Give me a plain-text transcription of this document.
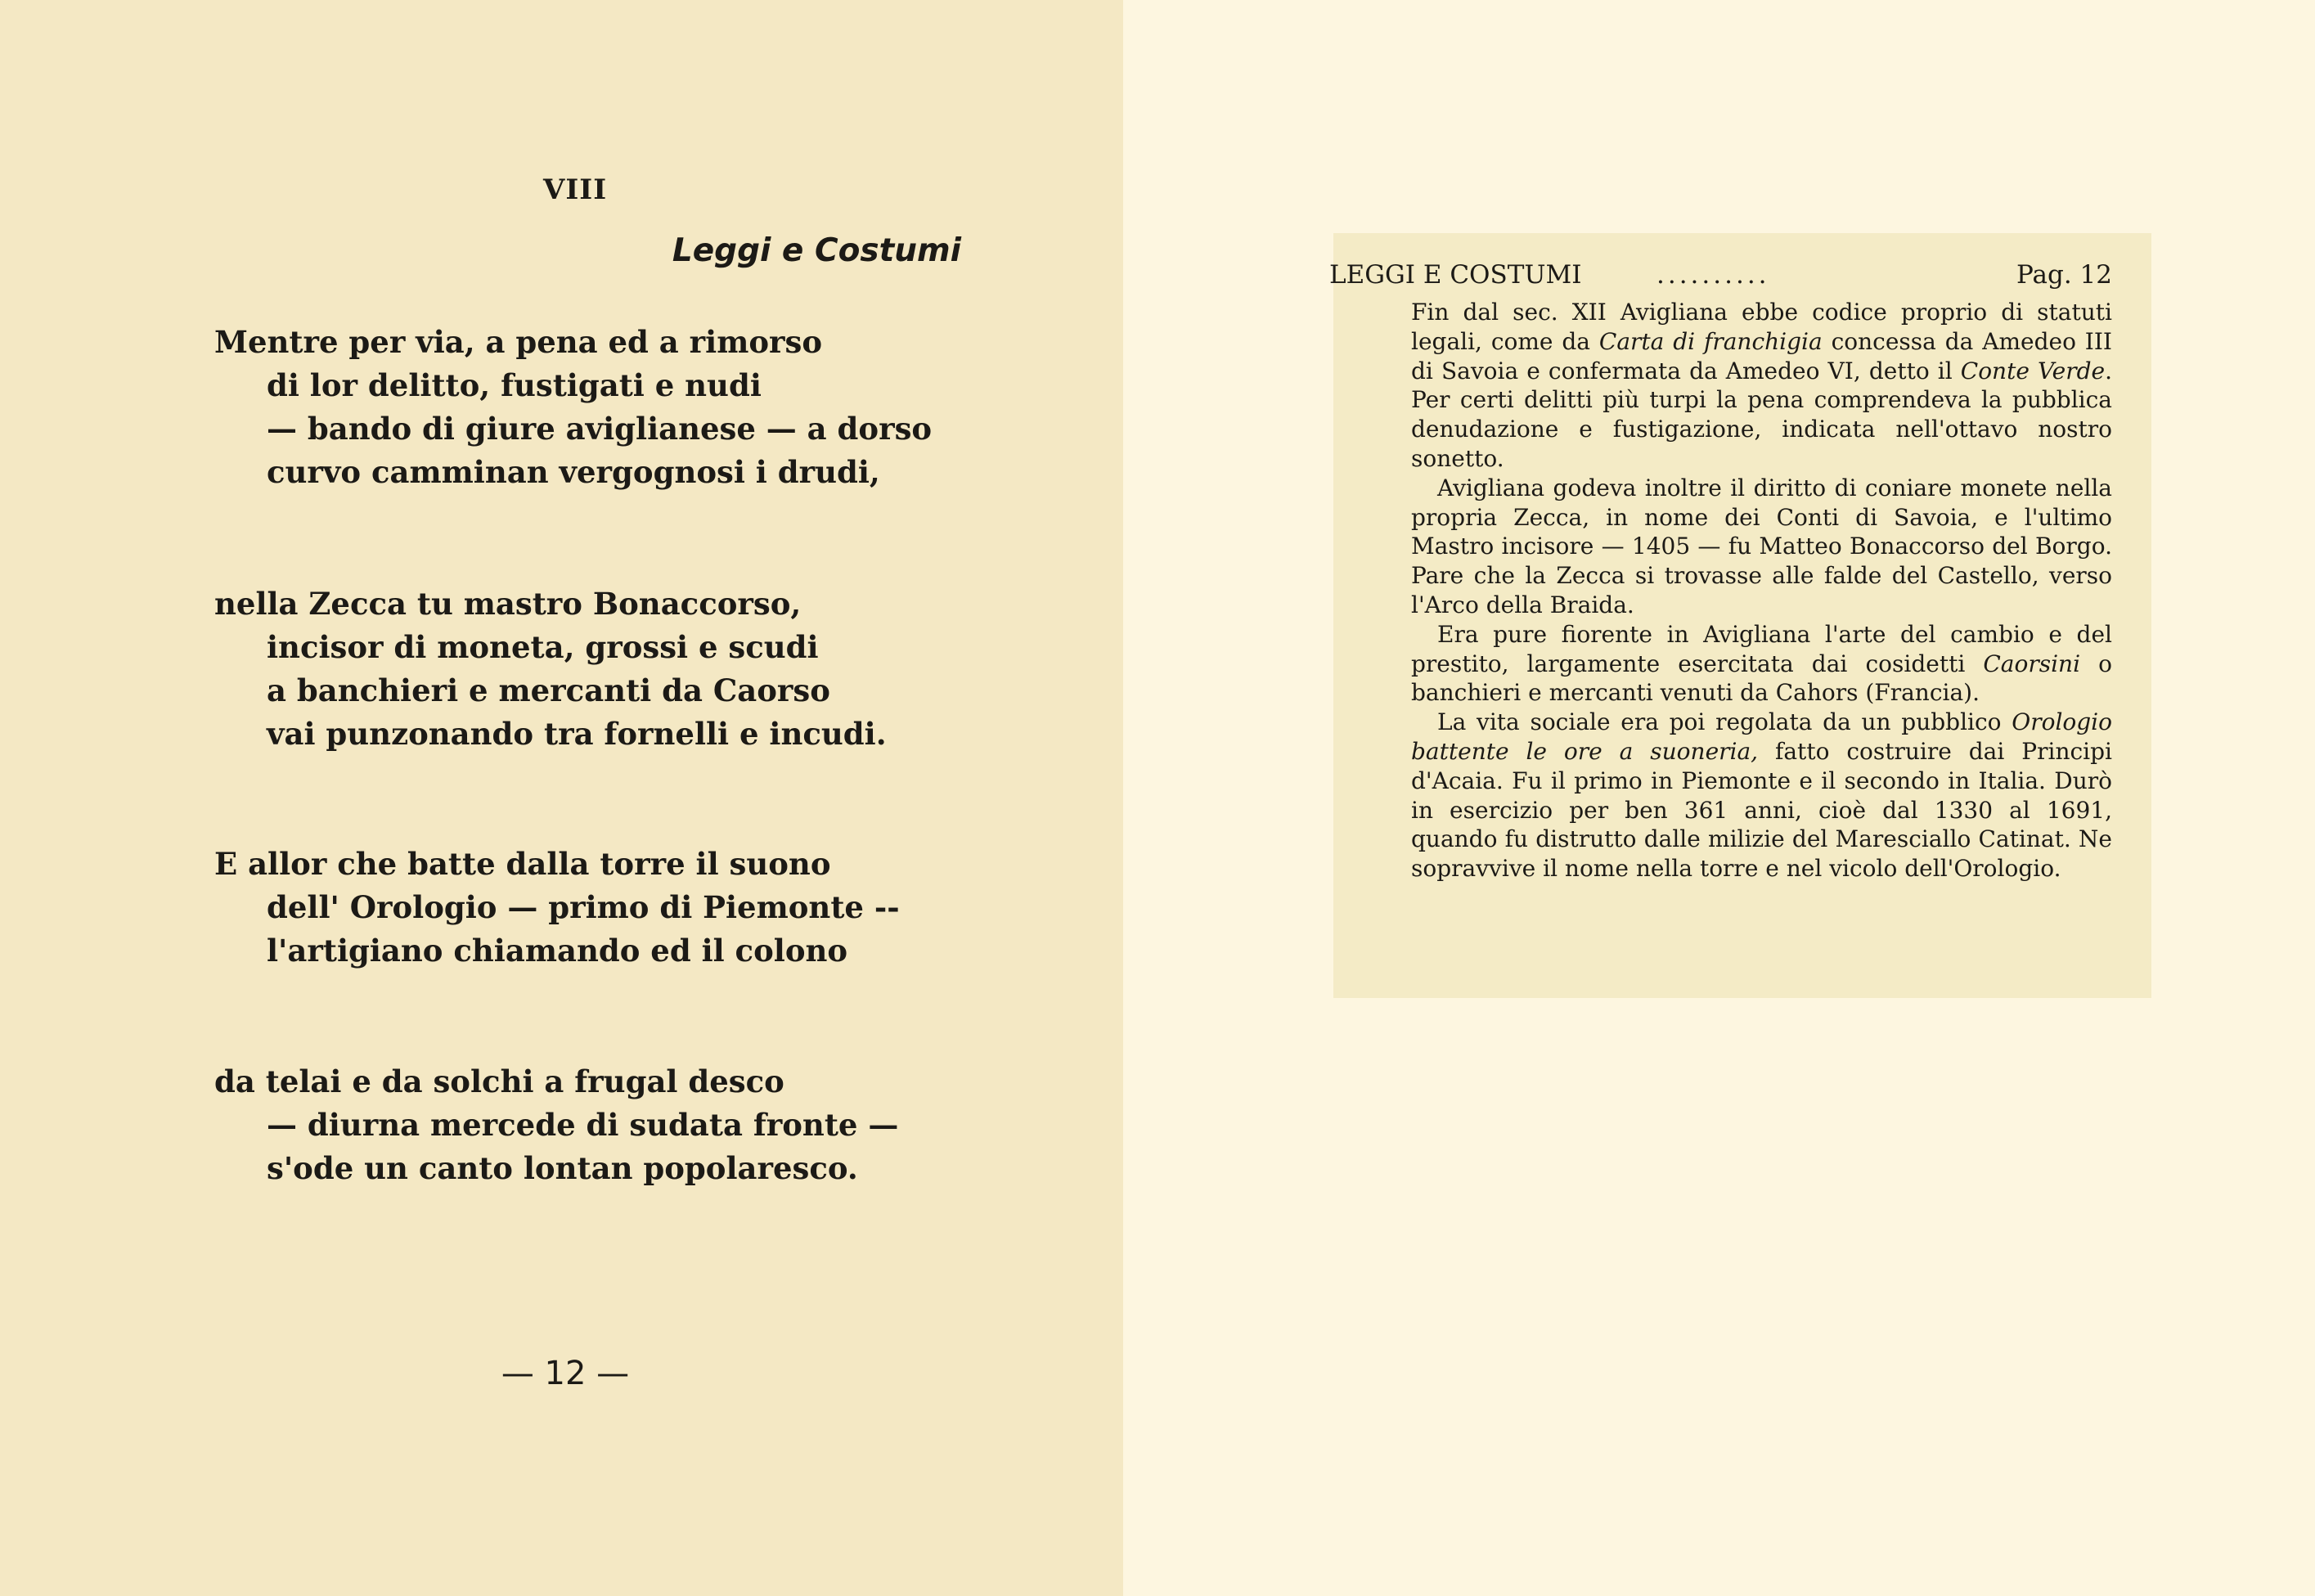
VIII
Leggi e Costumi
Mentre per via, a pena ed a rimorso
di lor delitto, fustigati e nudi
— bando di giure aviglianese — a dorso
curvo camminan vergognosi i drudi,
nella Zecca tu mastro Bonaccorso,
incisor di moneta, grossi e scudi
a banchieri e mercanti da Caorso
vai punzonando tra fornelli e incudi.
E allor che batte dalla torre il suono
dell' Orologio — primo di Piemonte --
l'artigiano chiamando ed il colono
da telai e da solchi a frugal desco
— diurna mercede di sudata fronte —
s'ode un canto lontan popolaresco.
— 12 —
LEGGI E COSTUMI	..........	Pag. 12

Fin dal sec. XII Avigliana ebbe codice proprio di statuti legali, come da Carta di franchigia concessa da Amedeo III di Savoia e confermata da Amedeo VI, detto il Conte Verde. Per certi delitti più turpi la pena comprendeva la pubblica denudazione e fustigazione, indicata nell'ottavo nostro sonetto.

Avigliana godeva inoltre il diritto di coniare monete nella propria Zecca, in nome dei Conti di Savoia, e l'ultimo Mastro incisore — 1405 — fu Matteo Bonaccorso del Borgo. Pare che la Zecca si trovasse alle falde del Castello, verso l'Arco della Braida.

Era pure fiorente in Avigliana l'arte del cambio e del prestito, largamente esercitata dai cosidetti Caorsini o banchieri e mercanti venuti da Cahors (Francia).

La vita sociale era poi regolata da un pubblico Orologio battente le ore a suoneria, fatto costruire dai Principi d'Acaia. Fu il primo in Piemonte e il secondo in Italia. Durò in esercizio per ben 361 anni, cioè dal 1330 al 1691, quando fu distrutto dalle milizie del Maresciallo Catinat. Ne sopravvive il nome nella torre e nel vicolo dell'Orologio.
